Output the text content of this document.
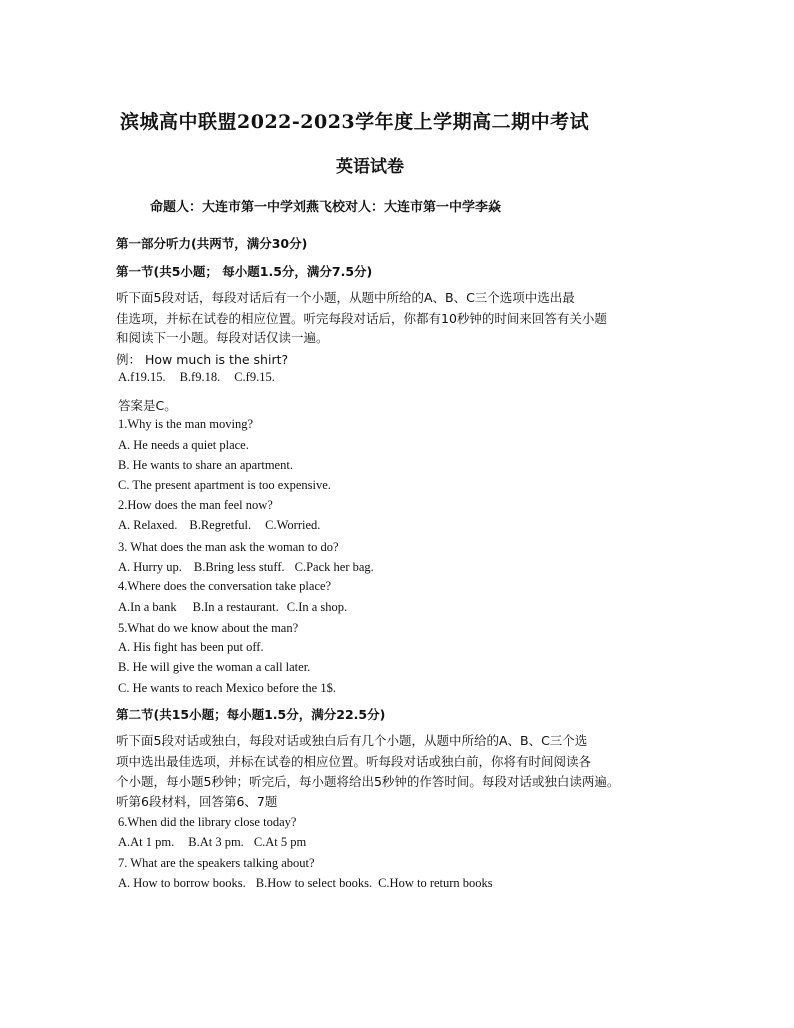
滨城高中联盟2022-2023学年度上学期高二期中考试
英语试卷
命题人：大连市第一中学刘燕飞校对人：大连市第一中学李焱
第一部分听力(共两节，满分30分)
第一节(共5小题； 每小题1.5分，满分7.5分)
听下面5段对话，每段对话后有一个小题，从题中所给的A、B、C三个选项中选出最
佳选项，并标在试卷的相应位置。听完每段对话后，你都有10秒钟的时间来回答有关小题
和阅读下一小题。每段对话仅读一遍。
例： How much is the shirt?
A.f19.15. B.f9.18. C.f9.15.
答案是C。
1.Why is the man moving?
A. He needs a quiet place.
B. He wants to share an apartment.
C. The present apartment is too expensive.
2.How does the man feel now?
A. Relaxed. B.Regretful. C.Worried.
3. What does the man ask the woman to do?
A. Hurry up. B.Bring less stuff. C.Pack her bag.
4.Where does the conversation take place?
A.In a bank B.In a restaurant. C.In a shop.
5.What do we know about the man?
A. His fight has been put off.
B. He will give the woman a call later.
C. He wants to reach Mexico before the 1$.
第二节(共15小题；每小题1.5分，满分22.5分)
听下面5段对话或独白，每段对话或独白后有几个小题，从题中所给的A、B、C三个选
项中选出最佳选项，并标在试卷的相应位置。听每段对话或独白前，你将有时间阅读各
个小题，每小题5秒钟；听完后，每小题将给出5秒钟的作答时间。每段对话或独白读两遍。
听第6段材料，回答第6、7题
6.When did the library close today?
A.At 1 pm. B.At 3 pm. C.At 5 pm
7. What are the speakers talking about?
A. How to borrow books. B.How to select books. C.How to return books
